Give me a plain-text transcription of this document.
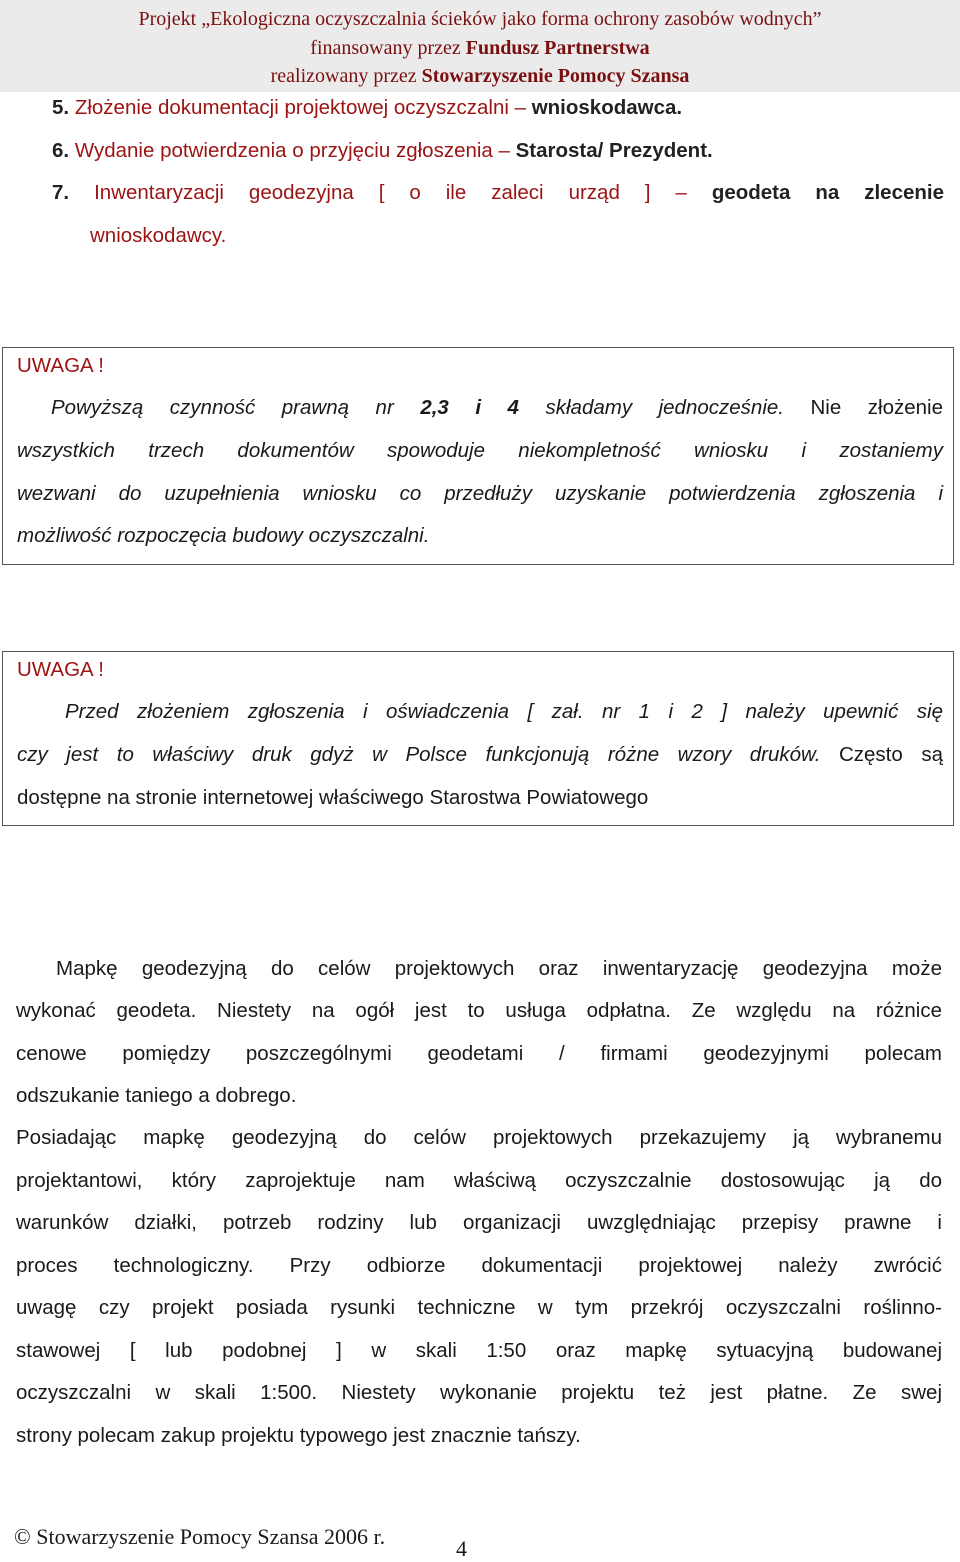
Projekt „Ekologiczna oczyszczalnia ścieków jako forma ochrony zasobów wodnych”
finansowany przez Fundusz Partnerstwa
realizowany przez Stowarzyszenie Pomocy Szansa
5. Złożenie dokumentacji projektowej oczyszczalni – wnioskodawca.
6. Wydanie potwierdzenia o przyjęciu zgłoszenia – Starosta/ Prezydent.
7. Inwentaryzacji geodezyjna [ o ile zaleci urząd ] – geodeta na zlecenie
wnioskodawcy.
UWAGA !
Powyższą czynność prawną nr 2,3 i 4 składamy jednocześnie. Nie złożenie
wszystkich trzech dokumentów spowoduje niekompletność wniosku i zostaniemy
wezwani do uzupełnienia wniosku co przedłuży uzyskanie potwierdzenia zgłoszenia i
możliwość rozpoczęcia budowy oczyszczalni.
UWAGA !
Przed złożeniem zgłoszenia i oświadczenia [ zał. nr 1 i 2 ] należy upewnić się
czy jest to właściwy druk gdyż w Polsce funkcjonują różne wzory druków. Często są
dostępne na stronie internetowej właściwego Starostwa Powiatowego
Mapkę geodezyjną do celów projektowych oraz inwentaryzację geodezyjna może
wykonać geodeta. Niestety na ogół jest to usługa odpłatna. Ze względu na różnice
cenowe pomiędzy poszczególnymi geodetami / firmami geodezyjnymi polecam
odszukanie taniego a dobrego.
Posiadając mapkę geodezyjną do celów projektowych przekazujemy ją wybranemu
projektantowi, który zaprojektuje nam właściwą oczyszczalnie dostosowując ją do
warunków działki, potrzeb rodziny lub organizacji uwzględniając przepisy prawne i
proces technologiczny. Przy odbiorze dokumentacji projektowej należy zwrócić
uwagę czy projekt posiada rysunki techniczne w tym przekrój oczyszczalni roślinno-
stawowej [ lub podobnej ] w skali 1:50 oraz mapkę sytuacyjną budowanej
oczyszczalni w skali 1:500. Niestety wykonanie projektu też jest płatne. Ze swej
strony polecam zakup projektu typowego jest znacznie tańszy.
© Stowarzyszenie Pomocy Szansa 2006 r.	4
